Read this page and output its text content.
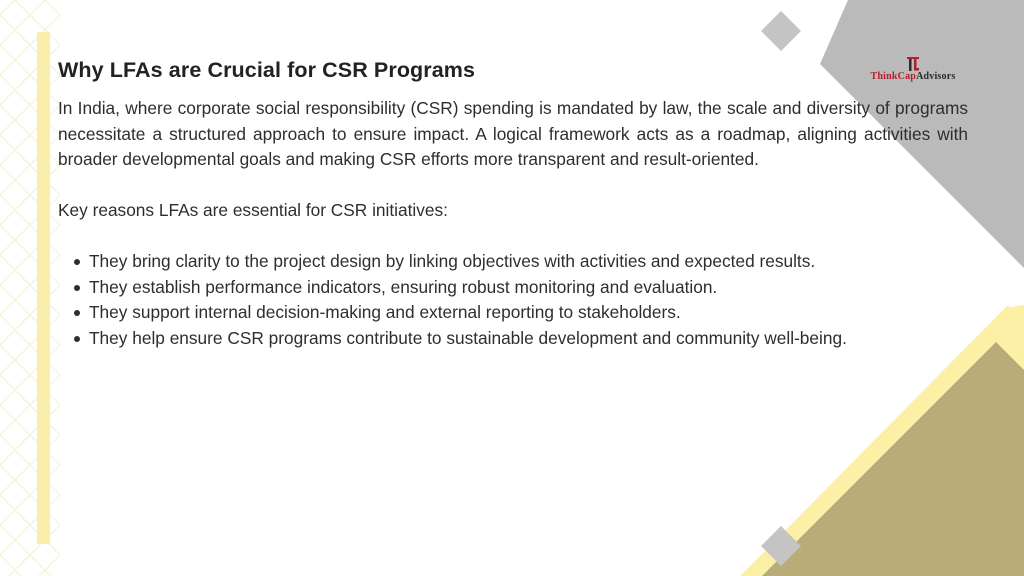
ThinkCapAdvisors
Why LFAs are Crucial for CSR Programs

In India, where corporate social responsibility (CSR) spending is mandated by law, the scale and diversity of programs necessitate a structured approach to ensure impact. A logical framework acts as a roadmap, aligning activities with broader developmental goals and making CSR efforts more transparent and result-oriented.

Key reasons LFAs are essential for CSR initiatives:

They bring clarity to the project design by linking objectives with activities and expected results.
They establish performance indicators, ensuring robust monitoring and evaluation.
They support internal decision-making and external reporting to stakeholders.
They help ensure CSR programs contribute to sustainable development and community well-being.
